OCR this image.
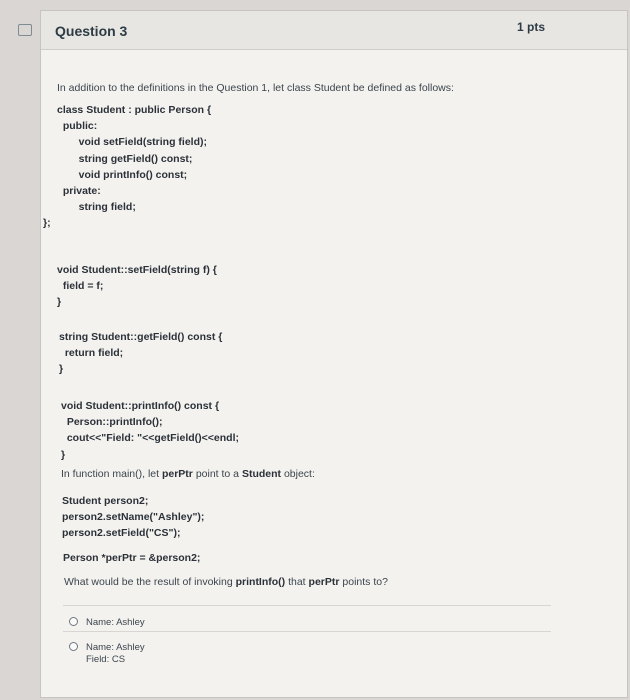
Question 3	1 pts
In addition to the definitions in the Question 1, let class Student be defined as follows:
class Student : public Person {
public:
void setField(string field);
string getField() const;
void printInfo() const;
private:
string field;
};
void Student::setField(string f) {
field = f;
}
string Student::getField() const {
return field;
}
void Student::printInfo() const {
Person::printInfo();
cout<<"Field: "<<getField()<<endl;
}
In function main(), let perPtr point to a Student object:
Student person2;
person2.setName("Ashley");
person2.setField("CS");
Person *perPtr = &person2;
What would be the result of invoking printInfo() that perPtr points to?
Name: Ashley
Name: Ashley
Field: CS
